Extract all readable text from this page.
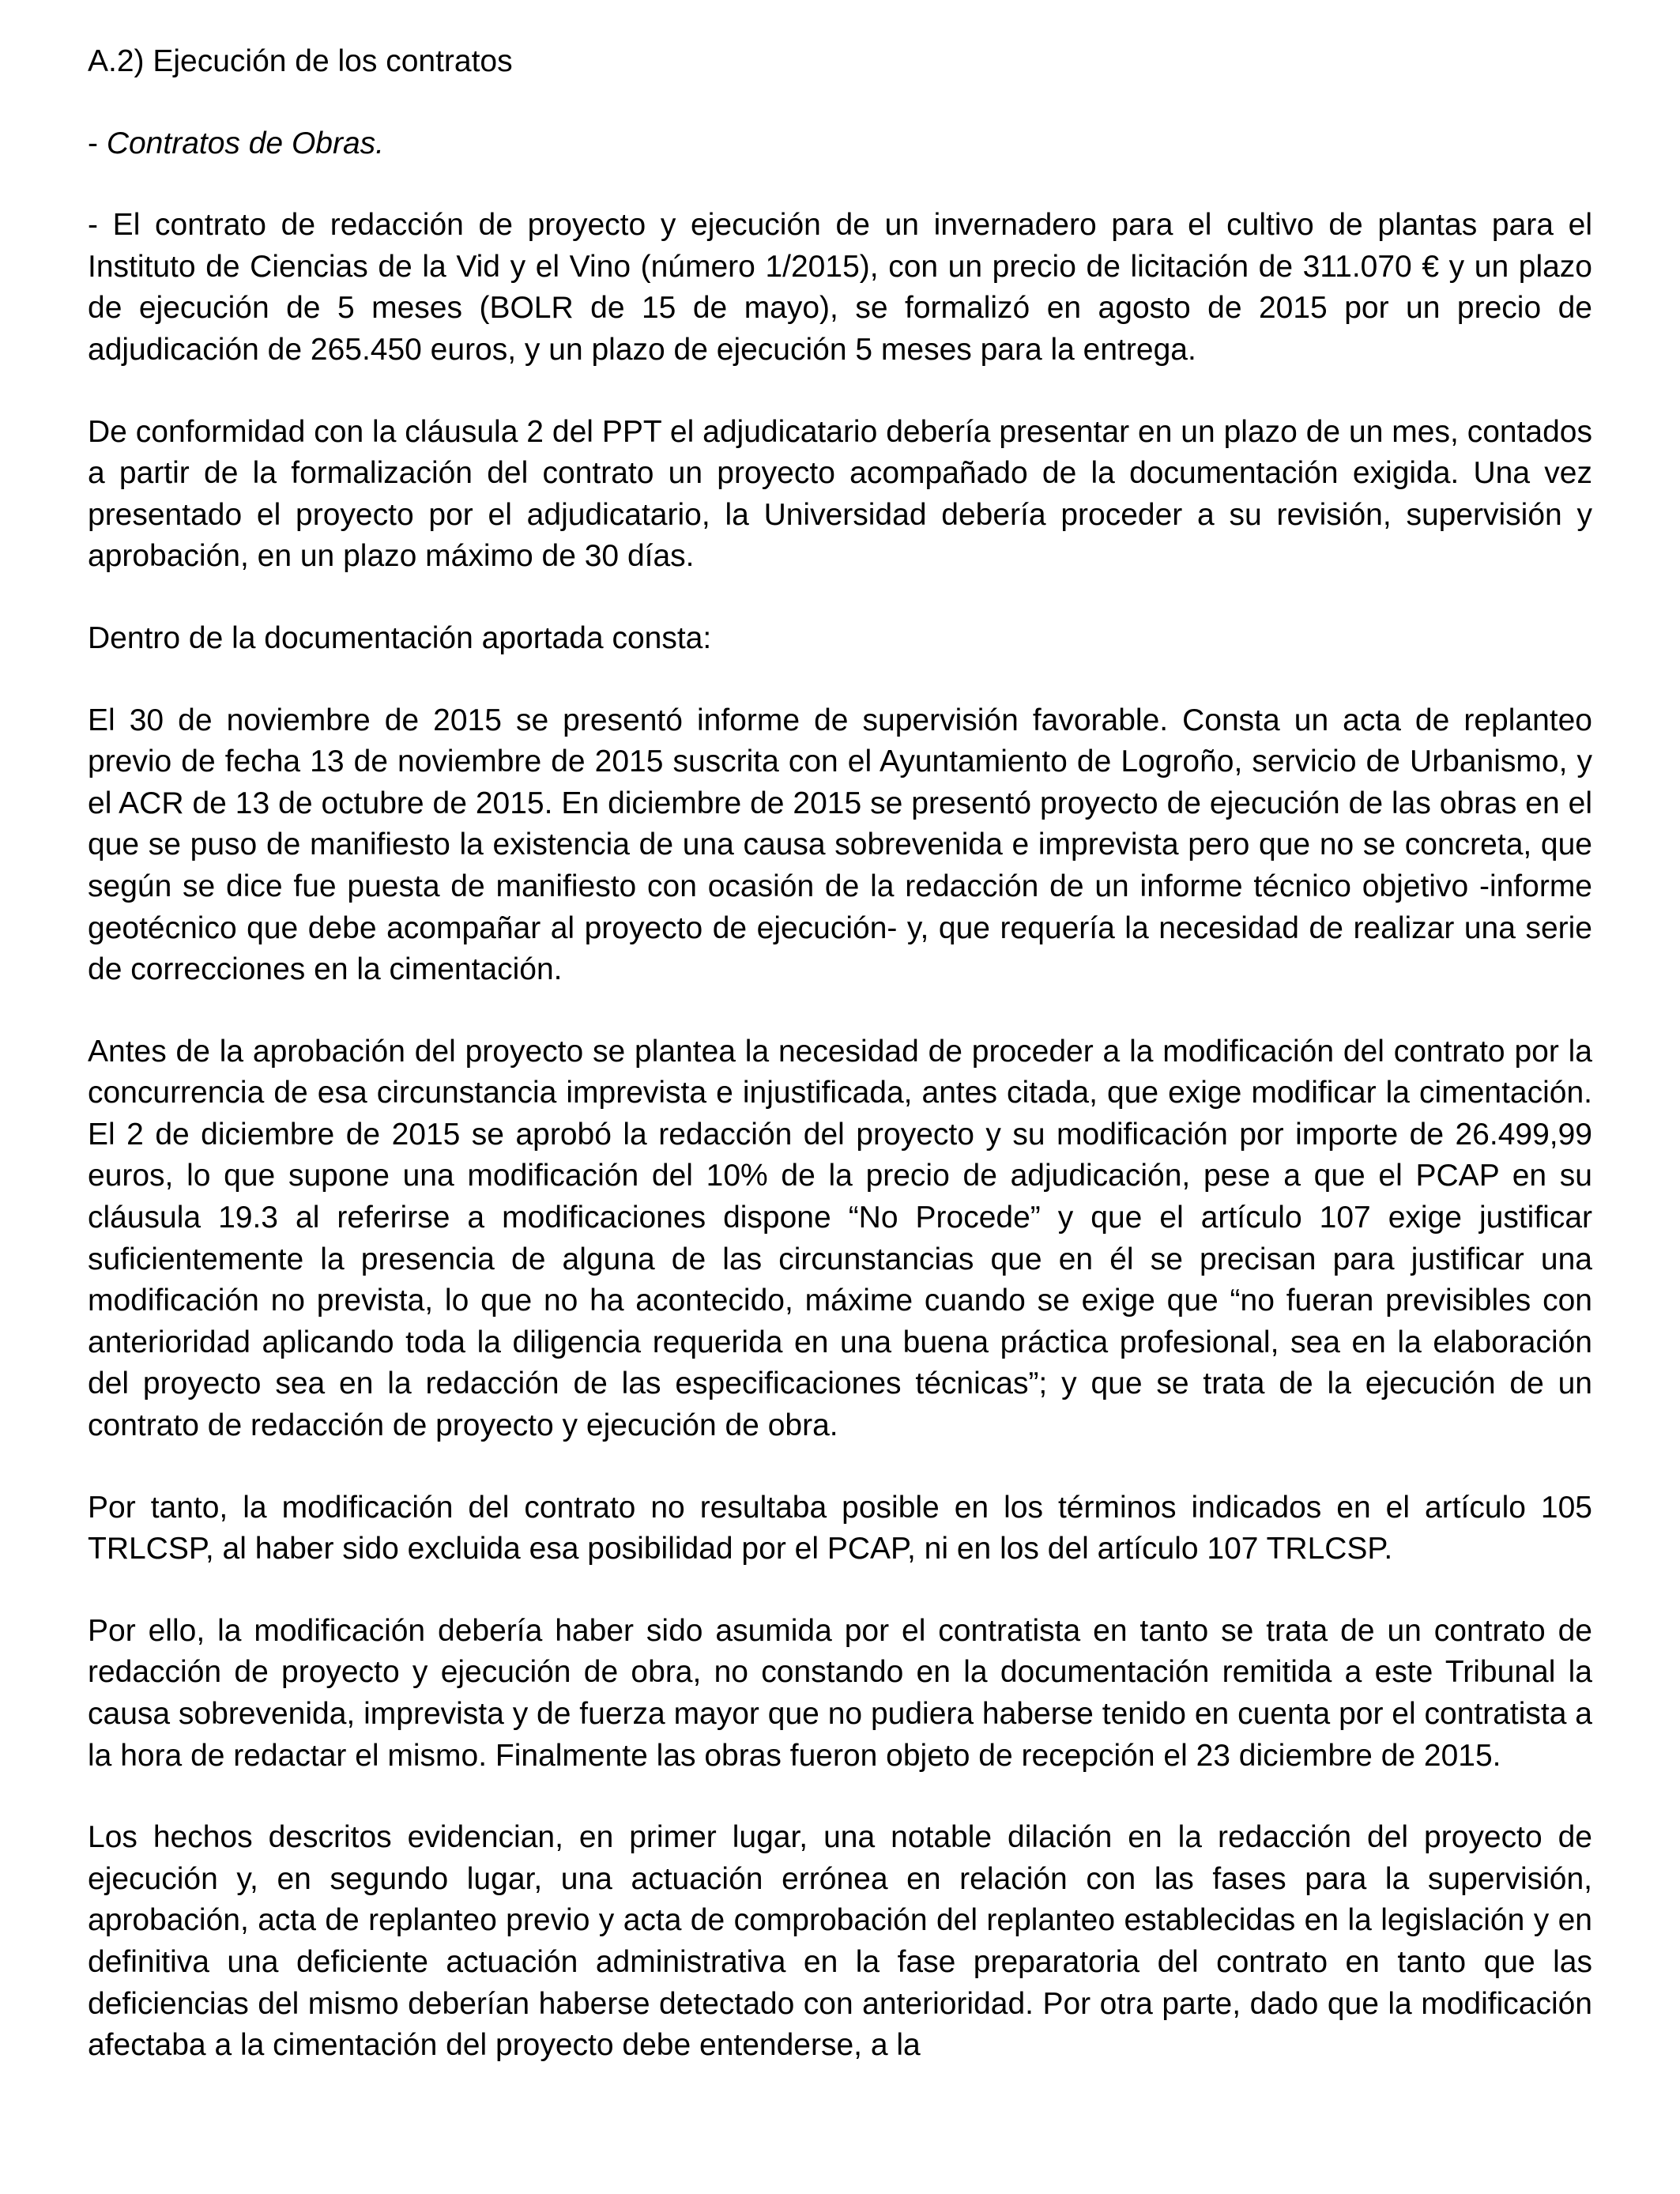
A.2) Ejecución de los contratos

- Contratos de Obras.

- El contrato de redacción de proyecto y ejecución de un invernadero para el cultivo de plantas para el Instituto de Ciencias de la Vid y el Vino (número 1/2015), con un precio de licitación de 311.070 € y un plazo de ejecución de 5 meses (BOLR de 15 de mayo), se formalizó en agosto de 2015 por un precio de adjudicación de 265.450 euros, y un plazo de ejecución 5 meses para la entrega.

De conformidad con la cláusula 2 del PPT el adjudicatario debería presentar en un plazo de un mes, contados a partir de la formalización del contrato un proyecto acompañado de la documentación exigida. Una vez presentado el proyecto por el adjudicatario, la Universidad debería proceder a su revisión, supervisión y aprobación, en un plazo máximo de 30 días.

Dentro de la documentación aportada consta:

El 30 de noviembre de 2015 se presentó informe de supervisión favorable. Consta un acta de replanteo previo de fecha 13 de noviembre de 2015 suscrita con el Ayuntamiento de Logroño, servicio de Urbanismo, y el ACR de 13 de octubre de 2015. En diciembre de 2015 se presentó proyecto de ejecución de las obras en el que se puso de manifiesto la existencia de una causa sobrevenida e imprevista pero que no se concreta, que según se dice fue puesta de manifiesto con ocasión de la redacción de un informe técnico objetivo -informe geotécnico que debe acompañar al proyecto de ejecución- y, que requería la necesidad de realizar una serie de correcciones en la cimentación.

Antes de la aprobación del proyecto se plantea la necesidad de proceder a la modificación del contrato por la concurrencia de esa circunstancia imprevista e injustificada, antes citada, que exige modificar la cimentación. El 2 de diciembre de 2015 se aprobó la redacción del proyecto y su modificación por importe de 26.499,99 euros, lo que supone una modificación del 10% de la precio de adjudicación, pese a que el PCAP en su cláusula 19.3 al referirse a modificaciones dispone “No Procede” y que el artículo 107 exige justificar suficientemente la presencia de alguna de las circunstancias que en él se precisan para justificar una modificación no prevista, lo que no ha acontecido, máxime cuando se exige que “no fueran previsibles con anterioridad aplicando toda la diligencia requerida en una buena práctica profesional, sea en la elaboración del proyecto sea en la redacción de las especificaciones técnicas”; y que se trata de la ejecución de un contrato de redacción de proyecto y ejecución de obra.

Por tanto, la modificación del contrato no resultaba posible en los términos indicados en el artículo 105 TRLCSP, al haber sido excluida esa posibilidad por el PCAP, ni en los del artículo 107 TRLCSP.

Por ello, la modificación debería haber sido asumida por el contratista en tanto se trata de un contrato de redacción de proyecto y ejecución de obra, no constando en la documentación remitida a este Tribunal la causa sobrevenida, imprevista y de fuerza mayor que no pudiera haberse tenido en cuenta por el contratista a la hora de redactar el mismo. Finalmente las obras fueron objeto de recepción el 23 diciembre de 2015.

Los hechos descritos evidencian, en primer lugar, una notable dilación en la redacción del proyecto de ejecución y, en segundo lugar, una actuación errónea en relación con las fases para la supervisión, aprobación, acta de replanteo previo y acta de comprobación del replanteo establecidas en la legislación y en definitiva una deficiente actuación administrativa en la fase preparatoria del contrato en tanto que las deficiencias del mismo deberían haberse detectado con anterioridad. Por otra parte, dado que la modificación afectaba a la cimentación del proyecto debe entenderse, a la
